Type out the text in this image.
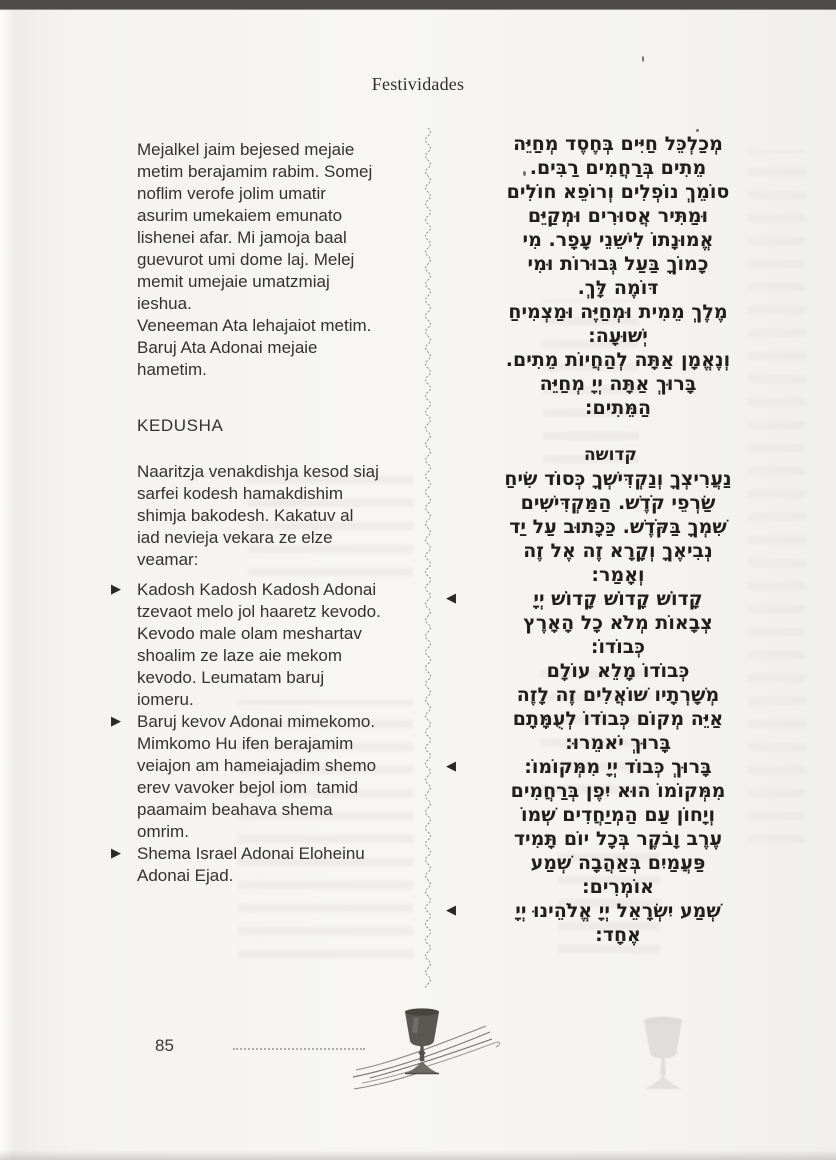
Festividades
Mejalkel jaim bejesed mejaie
metim berajamim rabim. Somej
noflim verofe jolim umatir
asurim umekaiem emunato
lishenei afar. Mi jamoja baal
guevurot umi dome laj. Melej
memit umejaie umatzmiaj
ieshua.
Veneeman Ata lehajaiot metim.
Baruj Ata Adonai mejaie
hametim.
KEDUSHA
Naaritzja venakdishja kesod siaj
sarfei kodesh hamakdishim
shimja bakodesh. Kakatuv al
iad nevieja vekara ze elze
veamar:
▶ Kadosh Kadosh Kadosh Adonai
tzevaot melo jol haaretz kevodo.
Kevodo male olam meshartav
shoalim ze laze aie mekom
kevodo. Leumatam baruj
iomeru.
▶ Baruj kevov Adonai mimekomo.
Mimkomo Hu ifen berajamim
veiajon am hameiajadim shemo
erev vavoker bejol iom  tamid
paamaim beahava shema
omrim.
▶ Shema Israel Adonai Eloheinu
Adonai Ejad.
מְכַלְכֵּל חַיִּים בְּחֶסֶד מְחַיֵּה
מֵתִים בְּרַחֲמִים רַבִּים.
סוֹמֵךְ נוֹפְלִים וְרוֹפֵא חוֹלִים
וּמַתִּיר אֲסוּרִים וּמְקַיֵּם
אֱמוּנָתוֹ לִישֵׁנֵי עָפָר. מִי
כָמוֹךָ בַּעַל גְּבוּרוֹת וּמִי
דּוֹמֶה לָּךְ.
מֶלֶךְ מֵמִית וּמְחַיֶּה וּמַצְמִיחַ
יְשׁוּעָה:
וְנֶאֱמָן אַתָּה לְהַחֲיוֹת מֵתִים.
בָּרוּךְ אַתָּה יְיָ מְחַיֵּה
הַמֵּתִים:
קדושה
נַעֲרִיצְךָ וְנַקְדִּישְׁךָ כְּסוֹד שִׂיחַ
שַׂרְפֵי קֹדֶשׁ. הַמַּקְדִּישִׁים
שִׁמְךָ בַּקֹּדֶשׁ. כַּכָּתוּב עַל יַד
נְבִיאֶךָ וְקָרָא זֶה אֶל זֶה
וְאָמַר:
◀	קָדוֹשׁ קָדוֹשׁ קָדוֹשׁ יְיָ
צְבָאוֹת מְלֹא כָל הָאָרֶץ
כְּבוֹדוֹ:
כְּבוֹדוֹ מָלֵא עוֹלָם
מְשָׁרְתָיו שׁוֹאֲלִים זֶה לָזֶה
אַיֵּה מְקוֹם כְּבוֹדוֹ לְעֻמָּתָם
בָּרוּךְ יֹאמֵרוּ:
◀	בָּרוּךְ כְּבוֹד יְיָ מִמְּקוֹמוֹ:
מִמְּקוֹמוֹ הוּא יִפֶן בְּרַחֲמִים
וְיָחוֹן עַם הַמְיַחֲדִים שְׁמוֹ
עֶרֶב וָבֹקֶר בְּכָל יוֹם תָּמִיד
פַּעֲמַיִם בְּאַהֲבָה שְׁמַע
אוֹמְרִים:
◀	שְׁמַע יִשְׂרָאֵל יְיָ אֱלֹהֵינוּ יְיָ
אֶחָד:
85
